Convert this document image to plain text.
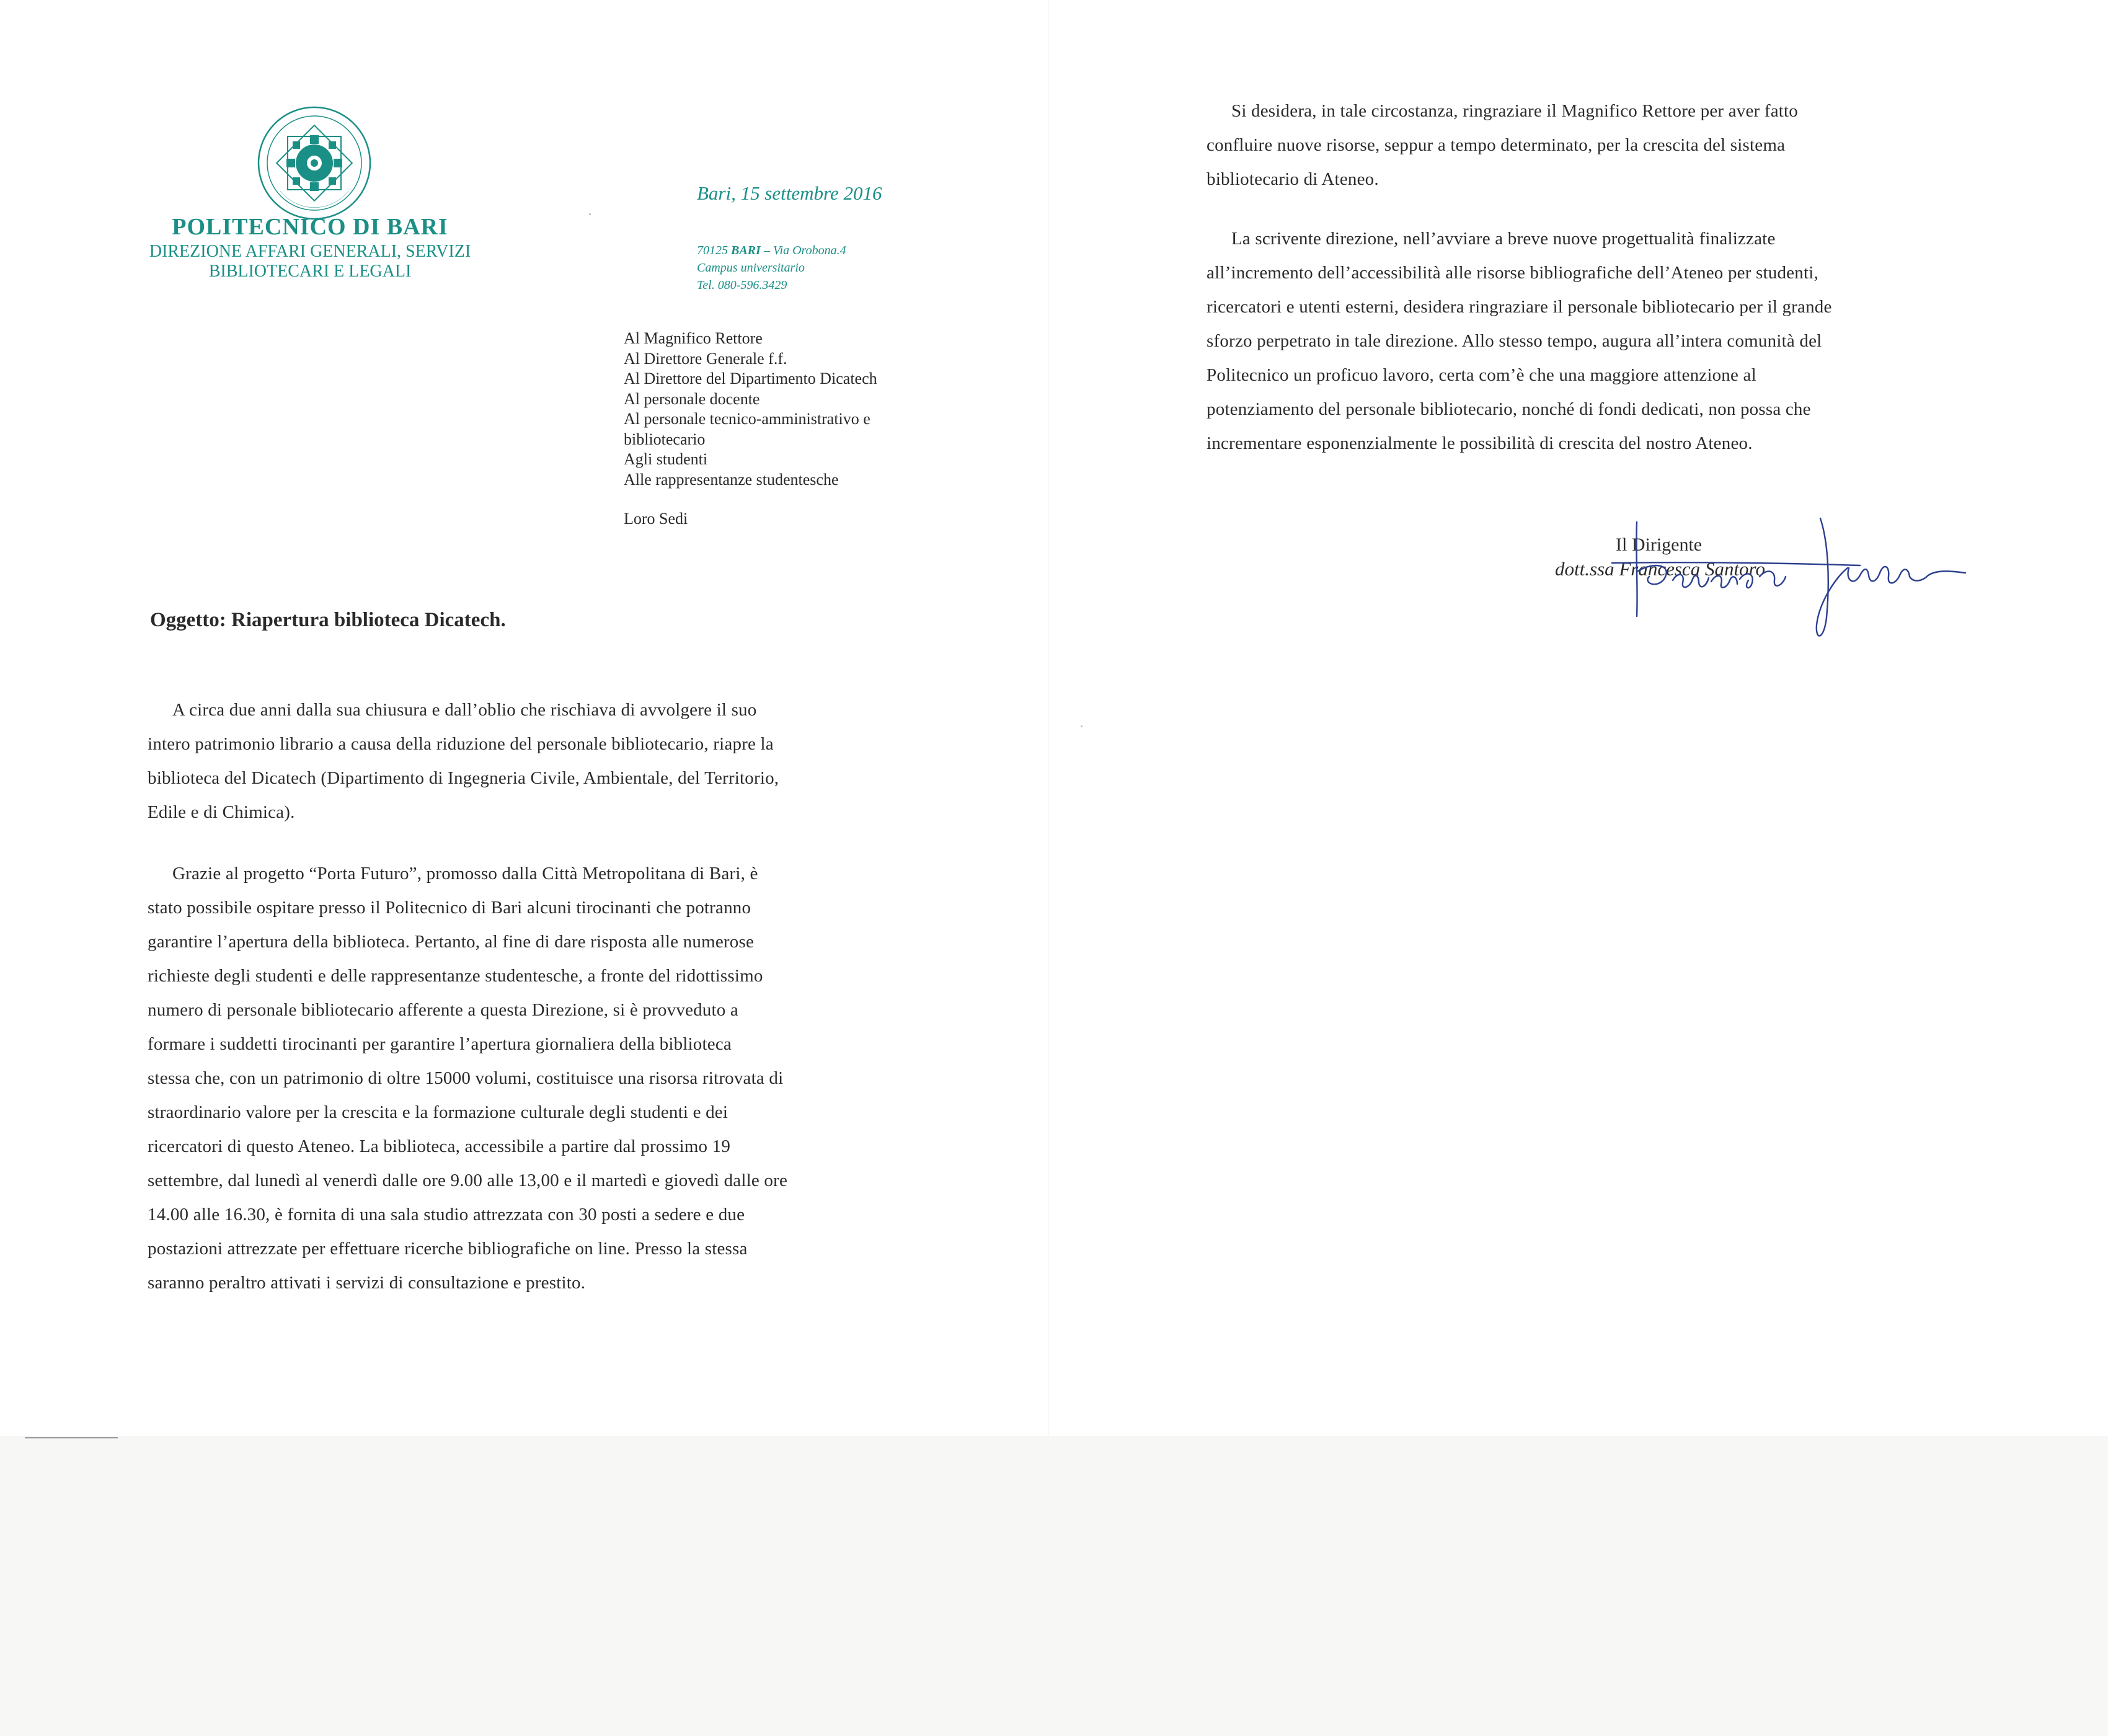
POLITECNICO DI BARI
DIREZIONE AFFARI GENERALI, SERVIZI
BIBLIOTECARI E LEGALI
Bari, 15 settembre 2016
70125 BARI – Via Orobona.4
Campus universitario
Tel. 080-596.3429
Al Magnifico Rettore
Al Direttore Generale f.f.
Al Direttore del Dipartimento Dicatech
Al personale docente
Al personale tecnico-amministrativo e bibliotecario
Agli studenti
Alle rappresentanze studentesche
Loro Sedi
Oggetto: Riapertura biblioteca Dicatech.

A circa due anni dalla sua chiusura e dall’oblio che rischiava di avvolgere il suo

intero patrimonio librario a causa della riduzione del personale bibliotecario, riapre la

biblioteca del Dicatech (Dipartimento di Ingegneria Civile, Ambientale, del Territorio,

Edile e di Chimica).

Grazie al progetto “Porta Futuro”, promosso dalla Città Metropolitana di Bari, è

stato possibile ospitare presso il Politecnico di Bari alcuni tirocinanti che potranno

garantire l’apertura della biblioteca. Pertanto, al fine di dare risposta alle numerose

richieste degli studenti e delle rappresentanze studentesche, a fronte del ridottissimo

numero di personale bibliotecario afferente a questa Direzione, si è provveduto a

formare i suddetti tirocinanti per garantire l’apertura giornaliera della biblioteca

stessa che, con un patrimonio di oltre 15000 volumi, costituisce una risorsa ritrovata di

straordinario valore per la crescita e la formazione culturale degli studenti e dei

ricercatori di questo Ateneo. La biblioteca, accessibile a partire dal prossimo 19

settembre, dal lunedì al venerdì dalle ore 9.00 alle 13,00 e il martedì e giovedì dalle ore

14.00 alle 16.30, è fornita di una sala studio attrezzata con 30 posti a sedere e due

postazioni attrezzate per effettuare ricerche bibliografiche on line. Presso la stessa

saranno peraltro attivati i servizi di consultazione e prestito.

Si desidera, in tale circostanza, ringraziare il Magnifico Rettore per aver fatto

confluire nuove risorse, seppur a tempo determinato, per la crescita del sistema

bibliotecario di Ateneo.

La scrivente direzione, nell’avviare a breve nuove progettualità finalizzate

all’incremento dell’accessibilità alle risorse bibliografiche dell’Ateneo per studenti,

ricercatori e utenti esterni, desidera ringraziare il personale bibliotecario per il grande

sforzo perpetrato in tale direzione. Allo stesso tempo, augura all’intera comunità del

Politecnico un proficuo lavoro, certa com’è che una maggiore attenzione al

potenziamento del personale bibliotecario, nonché di fondi dedicati, non possa che

incrementare esponenzialmente le possibilità di crescita del nostro Ateneo.

Il Dirigente
dott.ssa Francesca Santoro
